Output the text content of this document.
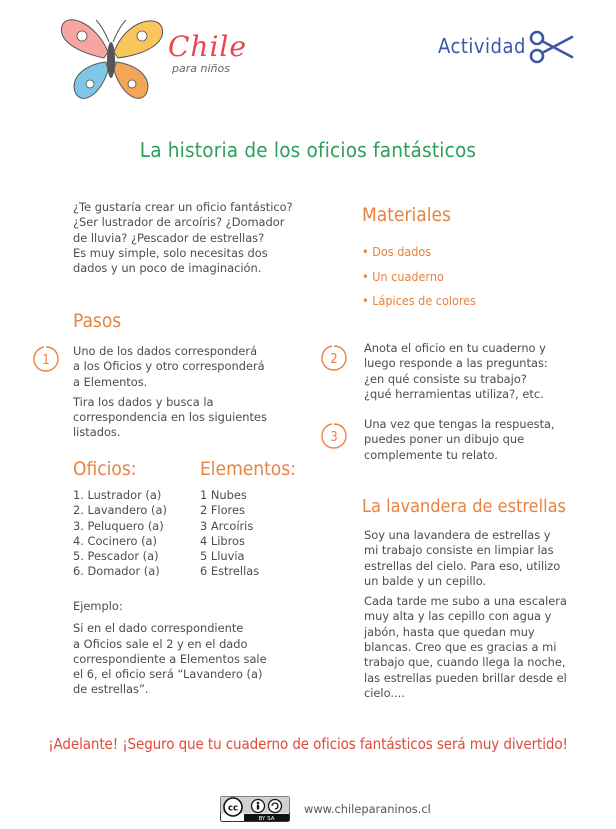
Chile
para niños
Actividad
La historia de los oficios fantásticos
¿Te gustaría crear un oficio fantástico?
¿Ser lustrador de arcoíris? ¿Domador
de lluvia? ¿Pescador de estrellas?
Es muy simple, solo necesitas dos
dados y un poco de imaginación.
Materiales
• Dos dados
• Un cuaderno
• Lápices de colores
Pasos
1

Uno de los dados corresponderá
a los Oficios y otro corresponderá
a Elementos.

Tira los dados y busca la
correspondencia en los siguientes
listados.

2
Anota el oficio en tu cuaderno y
luego responde a las preguntas:
¿en qué consiste su trabajo?
¿qué herramientas utiliza?, etc.
3
Una vez que tengas la respuesta,
puedes poner un dibujo que
complemente tu relato.
Oficios:	Elementos:
1. Lustrador (a)
2. Lavandero (a)
3. Peluquero (a)
4. Cocinero (a)
5. Pescador (a)
6. Domador (a)
1 Nubes
2 Flores
3 Arcoíris
4 Libros
5 Lluvia
6 Estrellas

Ejemplo:

Si en el dado correspondiente
a Oficios sale el 2 y en el dado
correspondiente a Elementos sale
el 6, el oficio será “Lavandero (a)
de estrellas”.

La lavandera de estrellas

Soy una lavandera de estrellas y
mi trabajo consiste en limpiar las
estrellas del cielo. Para eso, utilizo
un balde y un cepillo.

Cada tarde me subo a una escalera
muy alta y las cepillo con agua y
jabón, hasta que quedan muy
blancas. Creo que es gracias a mi
trabajo que, cuando llega la noche,
las estrellas pueden brillar desde el
cielo....

¡Adelante! ¡Seguro que tu cuaderno de oficios fantásticos será muy divertido!
cc
BY SA
www.chileparaninos.cl
